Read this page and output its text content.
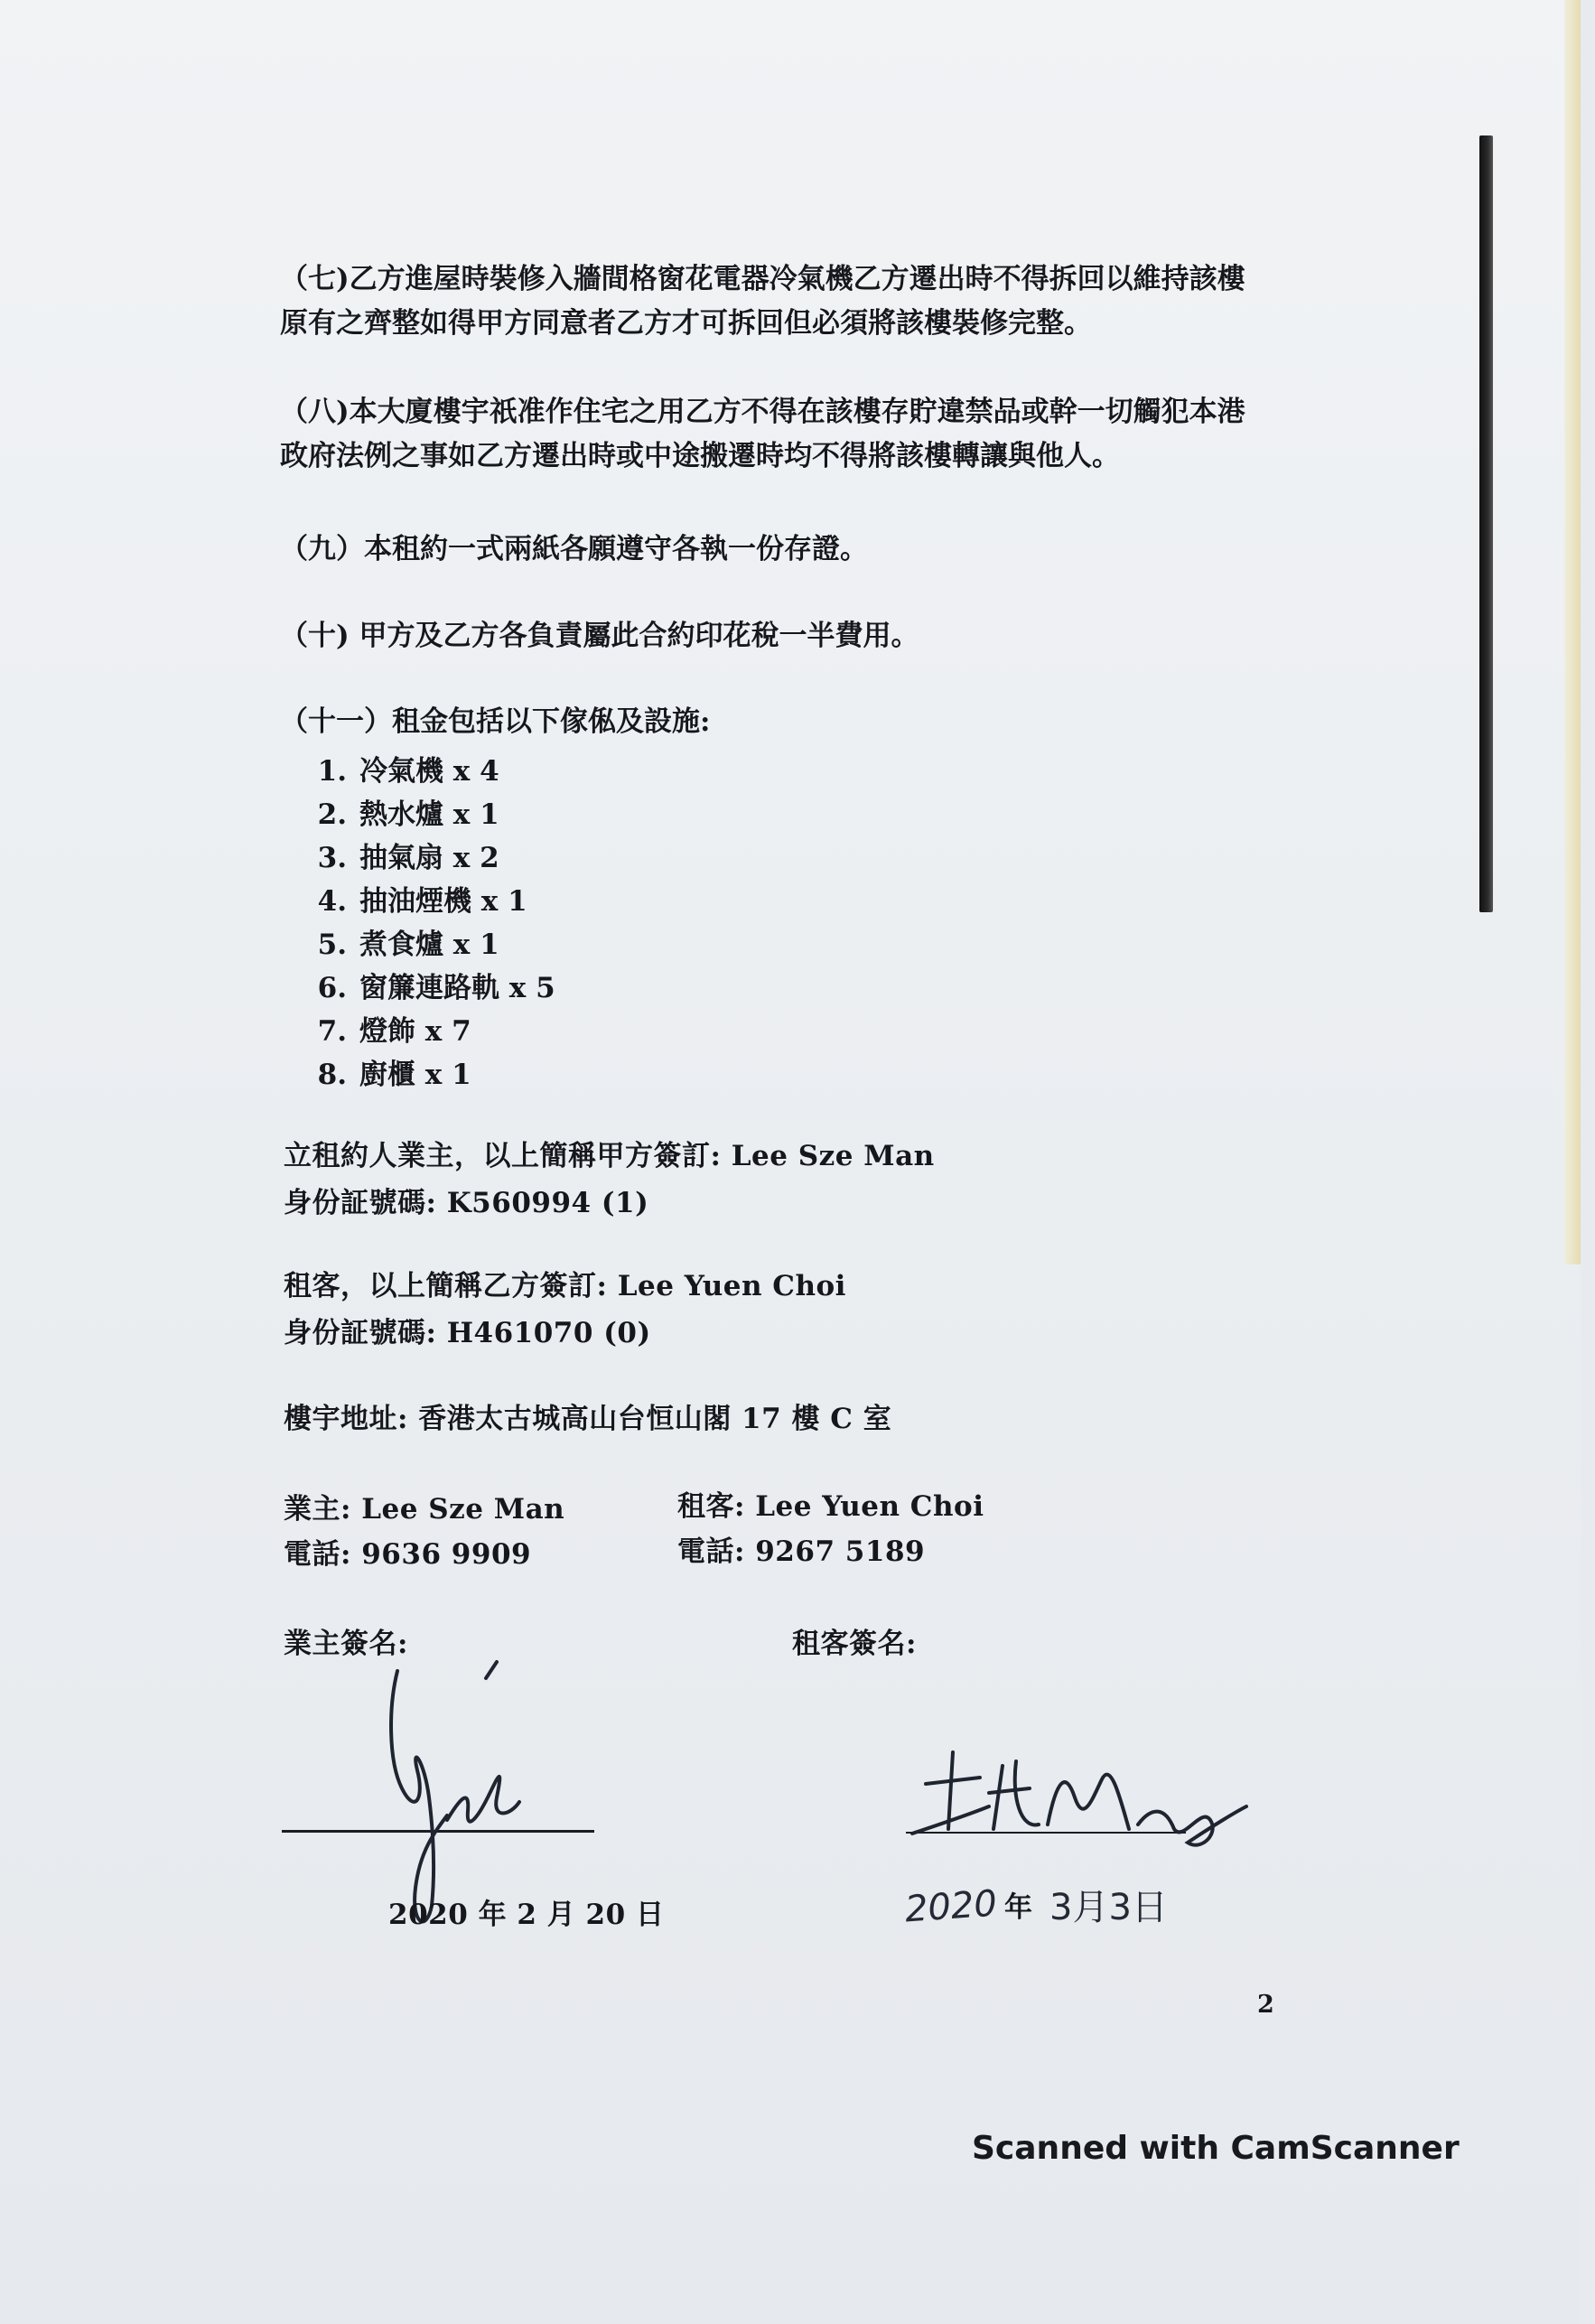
（七)乙方進屋時裝修入牆間格窗花電器冷氣機乙方遷出時不得拆回以維持該樓
原有之齊整如得甲方同意者乙方才可拆回但必須將該樓裝修完整。
（八)本大廈樓宇祇准作住宅之用乙方不得在該樓存貯違禁品或幹一切觸犯本港
政府法例之事如乙方遷出時或中途搬遷時均不得將該樓轉讓與他人。
（九）本租約一式兩紙各願遵守各執一份存證。
（十) 甲方及乙方各負責屬此合約印花稅一半費用。
（十一）租金包括以下傢俬及設施:
1. 冷氣機 x 4
2. 熱水爐 x 1
3. 抽氣扇 x 2
4. 抽油煙機 x 1
5. 煮食爐 x 1
6. 窗簾連路軌 x 5
7. 燈飾 x 7
8. 廚櫃 x 1
立租約人業主，以上簡稱甲方簽訂: Lee Sze Man
身份証號碼: K560994 (1)
租客，以上簡稱乙方簽訂: Lee Yuen Choi
身份証號碼: H461070 (0)
樓宇地址: 香港太古城高山台恒山閣 17 樓 C 室
業主: Lee Sze Man
電話: 9636 9909
租客: Lee Yuen Choi
電話: 9267 5189
業主簽名:	租客簽名:
2020 年 2 月 20 日	2020 年 3月3日
2
Scanned with CamScanner
